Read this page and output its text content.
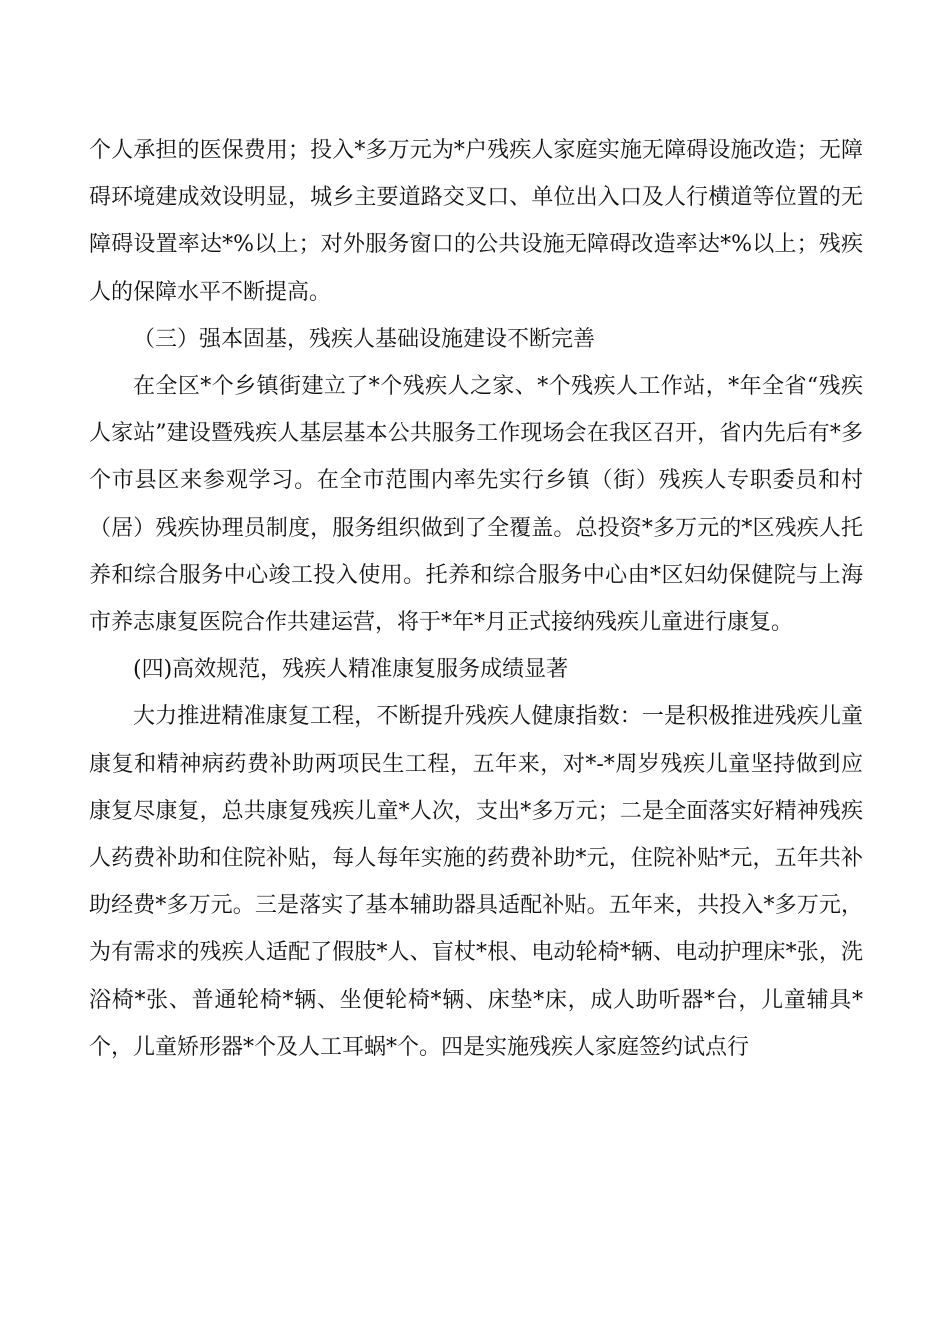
个人承担的医保费用；投入*多万元为*户残疾人家庭实施无障碍设施改造；无障碍环境建成效设明显，城乡主要道路交叉口、单位出入口及人行横道等位置的无障碍设置率达*%以上；对外服务窗口的公共设施无障碍改造率达*%以上；残疾人的保障水平不断提高。

（三）强本固基，残疾人基础设施建设不断完善

在全区*个乡镇街建立了*个残疾人之家、*个残疾人工作站，*年全省“残疾人家站”建设暨残疾人基层基本公共服务工作现场会在我区召开，省内先后有*多个市县区来参观学习。在全市范围内率先实行乡镇（街）残疾人专职委员和村（居）残疾协理员制度，服务组织做到了全覆盖。总投资*多万元的*区残疾人托养和综合服务中心竣工投入使用。托养和综合服务中心由*区妇幼保健院与上海市养志康复医院合作共建运营，将于*年*月正式接纳残疾儿童进行康复。

(四)高效规范，残疾人精准康复服务成绩显著

大力推进精准康复工程，不断提升残疾人健康指数：一是积极推进残疾儿童康复和精神病药费补助两项民生工程，五年来，对*-*周岁残疾儿童坚持做到应康复尽康复，总共康复残疾儿童*人次，支出*多万元；二是全面落实好精神残疾人药费补助和住院补贴，每人每年实施的药费补助*元，住院补贴*元，五年共补助经费*多万元。三是落实了基本辅助器具适配补贴。五年来，共投入*多万元，为有需求的残疾人适配了假肢*人、盲杖*根、电动轮椅*辆、电动护理床*张，洗浴椅*张、普通轮椅*辆、坐便轮椅*辆、床垫*床，成人助听器*台，儿童辅具*个，儿童矫形器*个及人工耳蜗*个。四是实施残疾人家庭签约试点行
